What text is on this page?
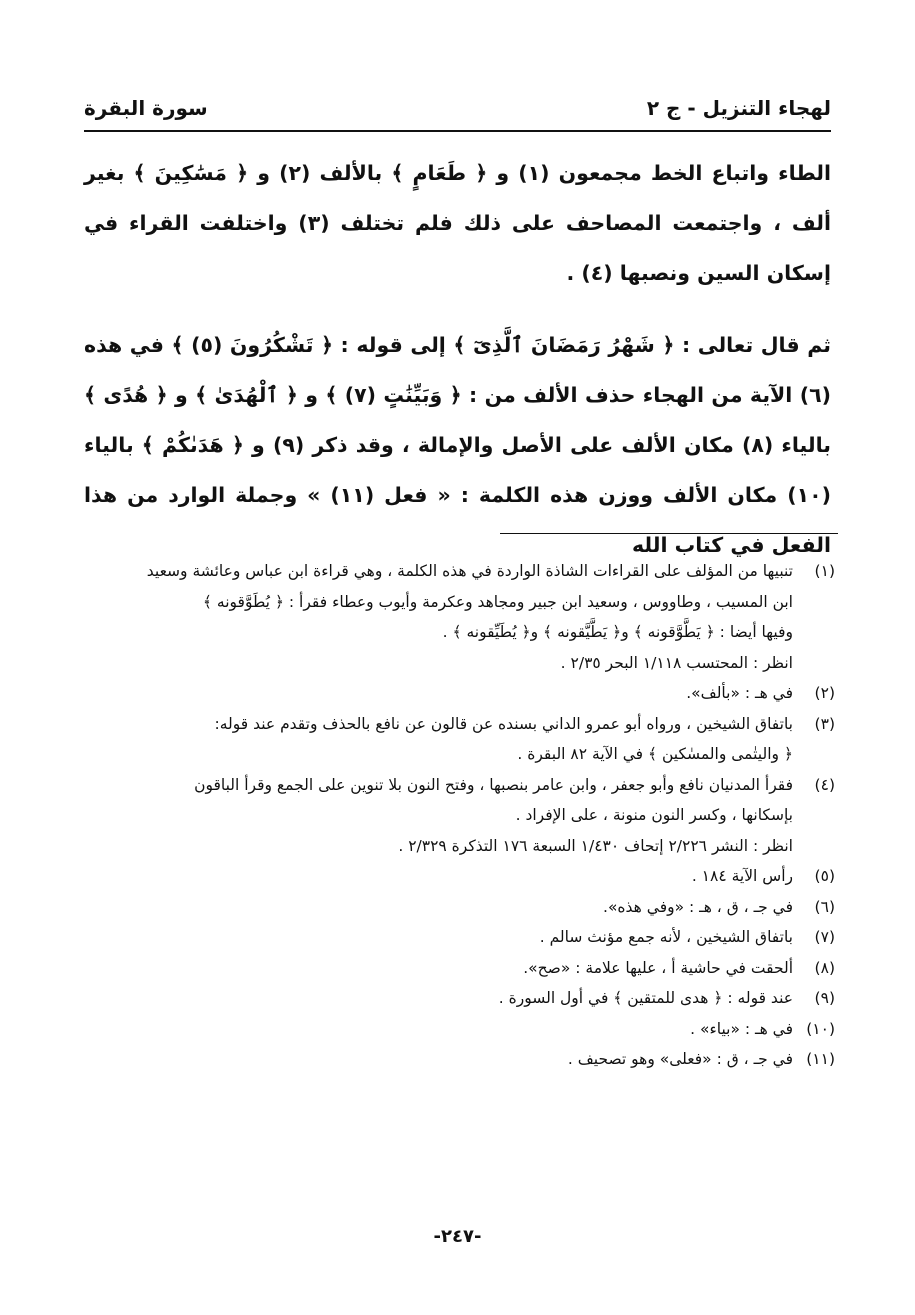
لهجاء التنزيل - ج ٢
سورة البقرة

الطاء واتباع الخط مجمعون (١) و ﴿ طَعَامٍ ﴾ بالألف (٢) و ﴿ مَسَٰكِينَ ﴾ بغير ألف ، واجتمعت المصاحف على ذلك فلم تختلف (٣) واختلفت القراء في إسكان السين ونصبها (٤) .

ثم قال تعالى : ﴿ شَهْرُ رَمَضَانَ ٱلَّذِىٓ ﴾ إلى قوله : ﴿ تَشْكُرُونَ (٥) ﴾ في هذه (٦) الآية من الهجاء حذف الألف من : ﴿ وَبَيِّنَٰتٍ (٧) ﴾ و ﴿ ٱلْهُدَىٰ ﴾ و ﴿ هُدًى ﴾ بالياء (٨) مكان الألف على الأصل والإمالة ، وقد ذكر (٩) و ﴿ هَدَىٰكُمْ ﴾ بالياء (١٠) مكان الألف ووزن هذه الكلمة : « فعل (١١) » وجملة الوارد من هذا الفعل في كتاب الله

(١)

تنبيها من المؤلف على القراءات الشاذة الواردة في هذه الكلمة ، وهي قراءة ابن عباس وعائشة وسعيد

ابن المسيب ، وطاووس ، وسعيد ابن جبير ومجاهد وعكرمة وأيوب وعطاء فقرأ : ﴿ يُطَوَّقونه ﴾

وفيها أيضا : ﴿ يَطَّوَّقونه ﴾ و﴿ يَطَّيَّقونه ﴾ و﴿ يُطَيِّقونه ﴾ .

انظر : المحتسب ١/١١٨ البحر ٢/٣٥ .

(٢)

في هـ : «بألف».

(٣)

باتفاق الشيخين ، ورواه أبو عمرو الداني بسنده عن قالون عن نافع بالحذف وتقدم عند قوله:

﴿ واليتٰمى والمسٰكين ﴾ في الآية ٨٢ البقرة .

(٤)

فقرأ المدنيان نافع وأبو جعفر ، وابن عامر بنصبها ، وفتح النون بلا تنوين على الجمع وقرأ الباقون

بإسكانها ، وكسر النون منونة ، على الإفراد .

انظر : النشر ٢/٢٢٦ إتحاف ١/٤٣٠ السبعة ١٧٦ التذكرة ٢/٣٢٩ .

(٥)

رأس الآية ١٨٤ .

(٦)

في جـ ، ق ، هـ : «وفي هذه».

(٧)

باتفاق الشيخين ، لأنه جمع مؤنث سالم .

(٨)

ألحقت في حاشية أ ، عليها علامة : «صح».

(٩)

عند قوله : ﴿ هدى للمتقين ﴾ في أول السورة .

(١٠)

في هـ : «بياء» .

(١١)

في جـ ، ق : «فعلى» وهو تصحيف .

-٢٤٧-
